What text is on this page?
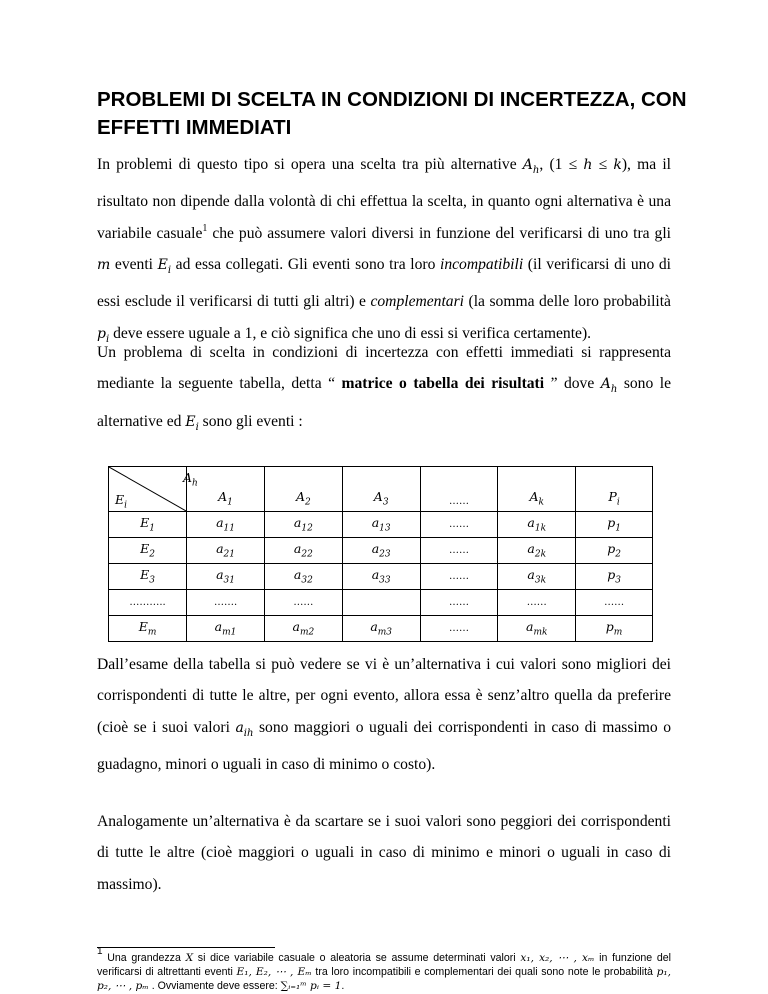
PROBLEMI DI SCELTA IN CONDIZIONI DI INCERTEZZA, CON EFFETTI IMMEDIATI

In problemi di questo tipo si opera una scelta tra più alternative $A_h$, (1 ≤ h ≤ k), ma il risultato non dipende dalla volontà di chi effettua la scelta, in quanto ogni alternativa è una variabile casuale$^1$ che può assumere valori diversi in funzione del verificarsi di uno tra gli m eventi $E_i$ ad essa collegati. Gli eventi sono tra loro incompatibili (il verificarsi di uno di essi esclude il verificarsi di tutti gli altri) e complementari (la somma delle loro probabilità $p_i$ deve essere uguale a 1, e ciò significa che uno di essi si verifica certamente).

Un problema di scelta in condizioni di incertezza con effetti immediati si rappresenta mediante la seguente tabella, detta “ matrice o tabella dei risultati ” dove $A_h$ sono le alternative ed $E_i$ sono gli eventi :

$A_h$
$E_i$	$A_1$	$A_2$	$A_3$	……	$A_k$	$P_i$
$E_1$	$a_{11}$	$a_{12}$	$a_{13}$	……	$a_{1k}$	$p_1$
$E_2$	$a_{21}$	$a_{22}$	$a_{23}$	……	$a_{2k}$	$p_2$
$E_3$	$a_{31}$	$a_{32}$	$a_{33}$	……	$a_{3k}$	$p_3$
………..	…….	……		……	……	……
$E_m$	$a_{m1}$	$a_{m2}$	$a_{m3}$	……	$a_{mk}$	$p_m$

Dall’esame della tabella si può vedere se vi è un’alternativa i cui valori sono migliori dei corrispondenti di tutte le altre, per ogni evento, allora essa è senz’altro quella da preferire (cioè se i suoi valori $a_{ih}$ sono maggiori o uguali dei corrispondenti in caso di massimo o guadagno, minori o uguali in caso di minimo o costo).

Analogamente un’alternativa è da scartare se i suoi valori sono peggiori dei corrispondenti di tutte le altre (cioè maggiori o uguali in caso di minimo e minori o uguali in caso di massimo).

$^1$ Una grandezza X si dice variabile casuale o aleatoria se assume determinati valori x₁, x₂, ⋯ , xₘ in funzione del verificarsi di altrettanti eventi E₁, E₂, ⋯ , Eₘ tra loro incompatibili e complementari dei quali sono note le probabilità p₁, p₂, ⋯ , pₘ . Ovviamente deve essere: ∑ᵢ₌₁ᵐ pᵢ = 1.
